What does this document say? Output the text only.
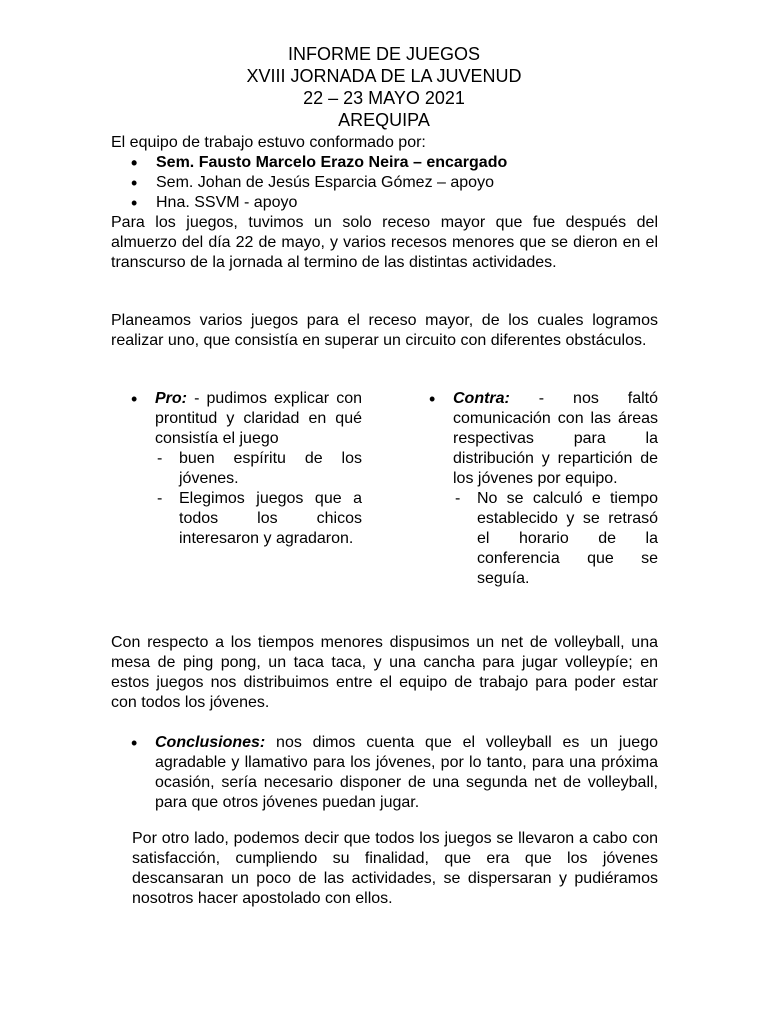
INFORME DE JUEGOS
XVIII JORNADA DE LA JUVENUD
22 – 23 MAYO 2021
AREQUIPA
El equipo de trabajo estuvo conformado por:
• Sem. Fausto Marcelo Erazo Neira – encargado
• Sem. Johan de Jesús Esparcia Gómez – apoyo
• Hna. SSVM - apoyo
Para los juegos, tuvimos un solo receso mayor que fue después del almuerzo del día 22 de mayo, y varios recesos menores que se dieron en el transcurso de la jornada al termino de las distintas actividades.
Planeamos varios juegos para el receso mayor, de los cuales logramos realizar uno, que consistía en superar un circuito con diferentes obstáculos.
• Pro: - pudimos explicar con prontitud y claridad en qué consistía el juego
- buen espíritu de los jóvenes.
- Elegimos juegos que a todos los chicos interesaron y agradaron.
• Contra: - nos faltó comunicación con las áreas respectivas para la distribución y repartición de los jóvenes por equipo.
- No se calculó e tiempo establecido y se retrasó el horario de la conferencia que se seguía.
Con respecto a los tiempos menores dispusimos un net de volleyball, una mesa de ping pong, un taca taca, y una cancha para jugar volleypíe; en estos juegos nos distribuimos entre el equipo de trabajo para poder estar con todos los jóvenes.
• Conclusiones: nos dimos cuenta que el volleyball es un juego agradable y llamativo para los jóvenes, por lo tanto, para una próxima ocasión, sería necesario disponer de una segunda net de volleyball, para que otros jóvenes puedan jugar.
Por otro lado, podemos decir que todos los juegos se llevaron a cabo con satisfacción, cumpliendo su finalidad, que era que los jóvenes descansaran un poco de las actividades, se dispersaran y pudiéramos nosotros hacer apostolado con ellos.
